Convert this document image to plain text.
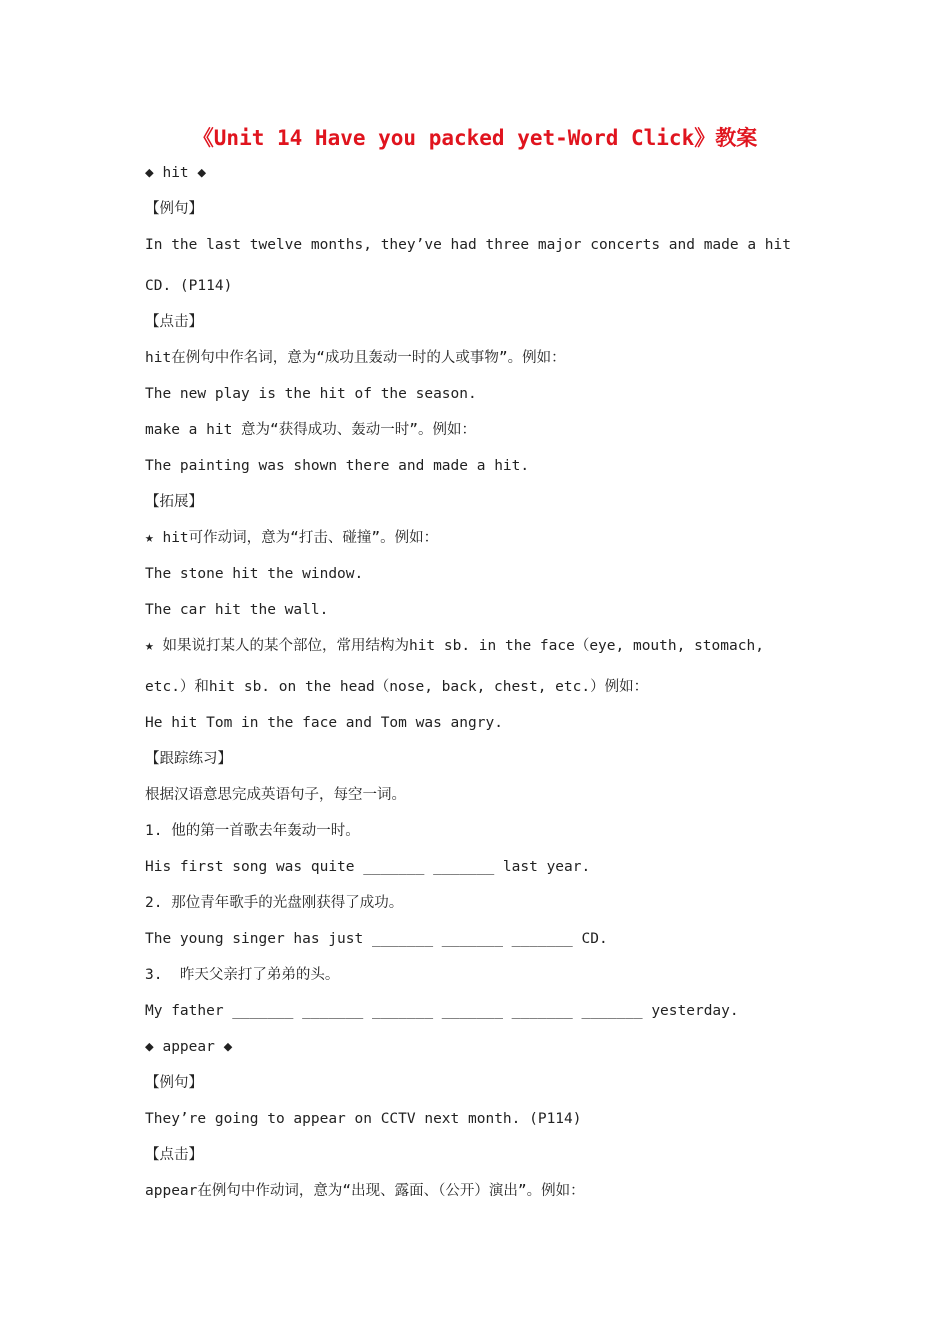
《Unit 14 Have you packed yet-Word Click》教案
◆ hit ◆
【例句】
In the last twelve months, they’ve had three major concerts and made a hit
CD. (P114)
【点击】
hit在例句中作名词，意为“成功且轰动一时的人或事物”。例如：
The new play is the hit of the season.
make a hit 意为“获得成功、轰动一时”。例如：
The painting was shown there and made a hit.
【拓展】
★ hit可作动词，意为“打击、碰撞”。例如：
The stone hit the window.
The car hit the wall.
★ 如果说打某人的某个部位，常用结构为hit sb. in the face（eye, mouth, stomach,
etc.）和hit sb. on the head（nose, back, chest, etc.）例如：
He hit Tom in the face and Tom was angry.
【跟踪练习】
根据汉语意思完成英语句子，每空一词。
1. 他的第一首歌去年轰动一时。
His first song was quite _______ _______ last year.
2. 那位青年歌手的光盘刚获得了成功。
The young singer has just _______ _______ _______ CD.
3.  昨天父亲打了弟弟的头。
My father _______ _______ _______ _______ _______ _______ yesterday.
◆ appear ◆
【例句】
They’re going to appear on CCTV next month. (P114)
【点击】
appear在例句中作动词，意为“出现、露面、（公开）演出”。例如：
